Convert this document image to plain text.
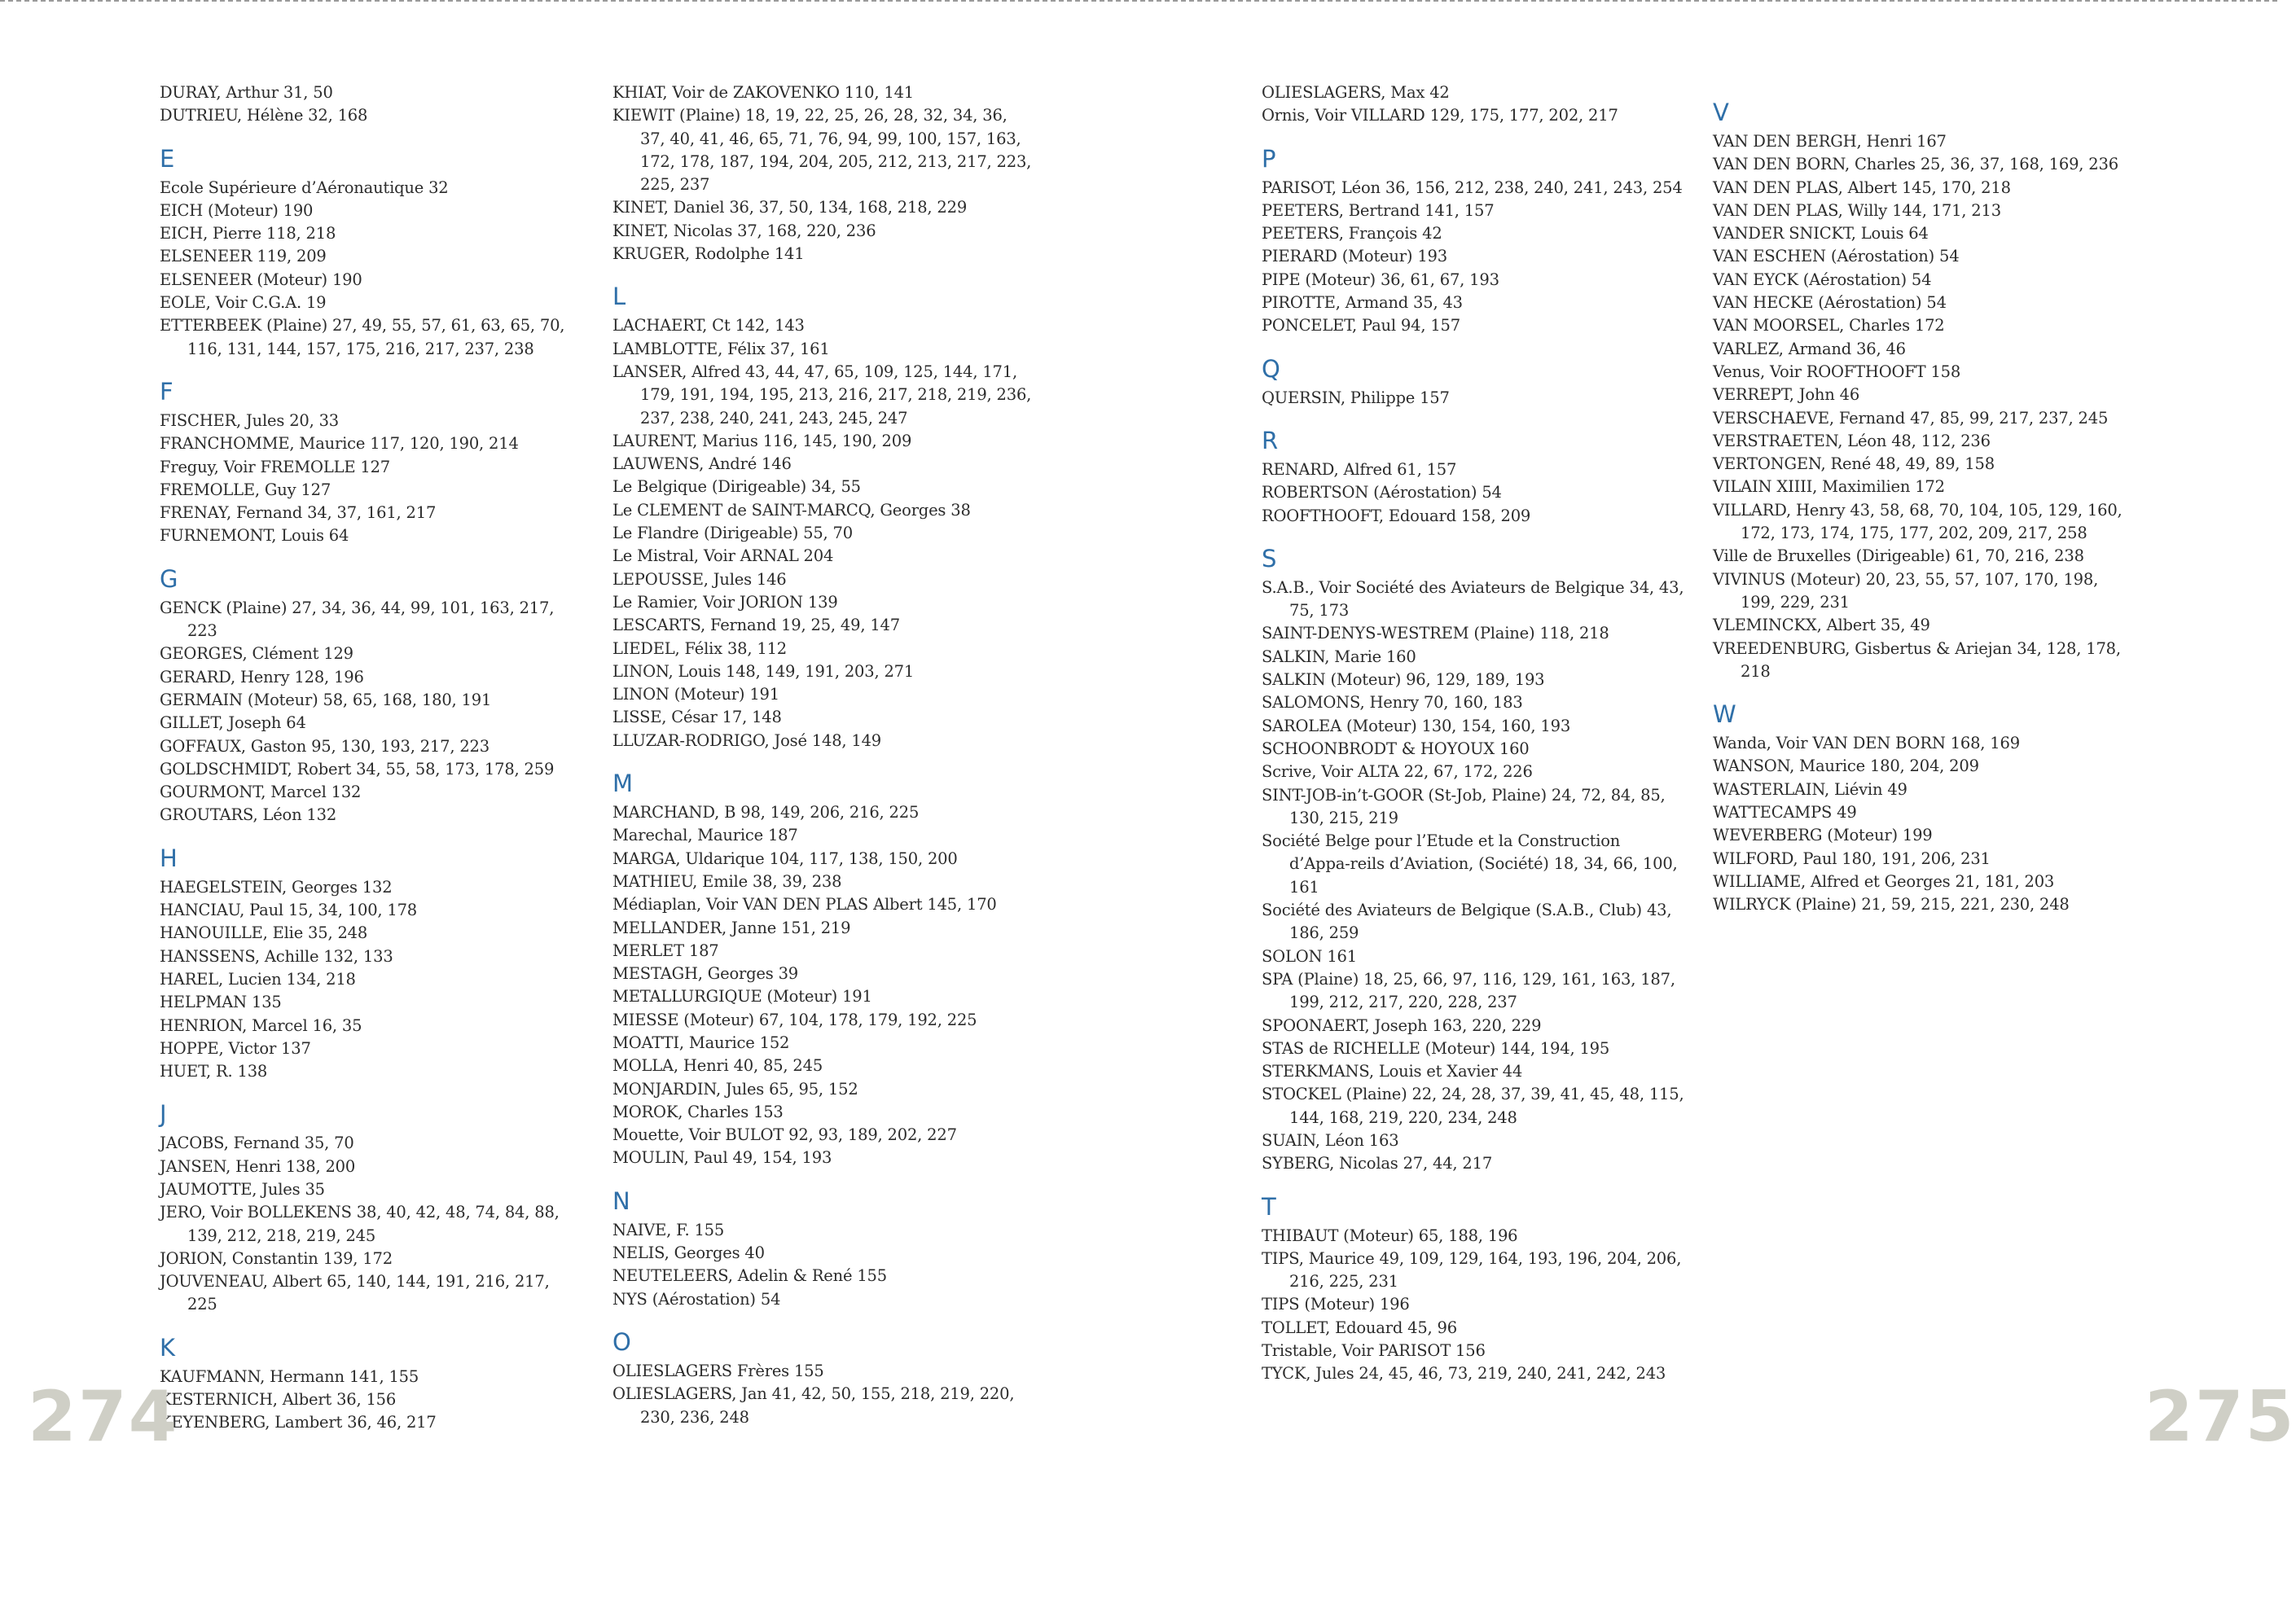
DURAY, Arthur 31, 50
DUTRIEU, Hélène 32, 168
E
Ecole Supérieure d’Aéronautique 32
EICH (Moteur) 190
EICH, Pierre 118, 218
ELSENEER 119, 209
ELSENEER (Moteur) 190
EOLE, Voir C.G.A. 19
ETTERBEEK (Plaine) 27, 49, 55, 57, 61, 63, 65, 70, 116, 131, 144, 157, 175, 216, 217, 237, 238
F
FISCHER, Jules 20, 33
FRANCHOMME, Maurice 117, 120, 190, 214
Freguy, Voir FREMOLLE 127
FREMOLLE, Guy 127
FRENAY, Fernand 34, 37, 161, 217
FURNEMONT, Louis 64
G
GENCK (Plaine) 27, 34, 36, 44, 99, 101, 163, 217, 223
GEORGES, Clément 129
GERARD, Henry 128, 196
GERMAIN (Moteur) 58, 65, 168, 180, 191
GILLET, Joseph 64
GOFFAUX, Gaston 95, 130, 193, 217, 223
GOLDSCHMIDT, Robert 34, 55, 58, 173, 178, 259
GOURMONT, Marcel 132
GROUTARS, Léon 132
H
HAEGELSTEIN, Georges 132
HANCIAU, Paul 15, 34, 100, 178
HANOUILLE, Elie 35, 248
HANSSENS, Achille 132, 133
HAREL, Lucien 134, 218
HELPMAN 135
HENRION, Marcel 16, 35
HOPPE, Victor 137
HUET, R. 138
J
JACOBS, Fernand 35, 70
JANSEN, Henri 138, 200
JAUMOTTE, Jules 35
JERO, Voir BOLLEKENS 38, 40, 42, 48, 74, 84, 88, 139, 212, 218, 219, 245
JORION, Constantin 139, 172
JOUVENEAU, Albert 65, 140, 144, 191, 216, 217, 225
K
KAUFMANN, Hermann 141, 155
KESTERNICH, Albert 36, 156
KEYENBERG, Lambert 36, 46, 217
KHIAT, Voir de ZAKOVENKO 110, 141
KIEWIT (Plaine) 18, 19, 22, 25, 26, 28, 32, 34, 36, 37, 40, 41, 46, 65, 71, 76, 94, 99, 100, 157, 163, 172, 178, 187, 194, 204, 205, 212, 213, 217, 223, 225, 237
KINET, Daniel 36, 37, 50, 134, 168, 218, 229
KINET, Nicolas 37, 168, 220, 236
KRUGER, Rodolphe 141
L
LACHAERT, Ct 142, 143
LAMBLOTTE, Félix 37, 161
LANSER, Alfred 43, 44, 47, 65, 109, 125, 144, 171, 179, 191, 194, 195, 213, 216, 217, 218, 219, 236, 237, 238, 240, 241, 243, 245, 247
LAURENT, Marius 116, 145, 190, 209
LAUWENS, André 146
Le Belgique (Dirigeable) 34, 55
Le CLEMENT de SAINT-MARCQ, Georges 38
Le Flandre (Dirigeable) 55, 70
Le Mistral, Voir ARNAL 204
LEPOUSSE, Jules 146
Le Ramier, Voir JORION 139
LESCARTS, Fernand 19, 25, 49, 147
LIEDEL, Félix 38, 112
LINON, Louis 148, 149, 191, 203, 271
LINON (Moteur) 191
LISSE, César 17, 148
LLUZAR-RODRIGO, José 148, 149
M
MARCHAND, B 98, 149, 206, 216, 225
Marechal, Maurice 187
MARGA, Uldarique 104, 117, 138, 150, 200
MATHIEU, Emile 38, 39, 238
Médiaplan, Voir VAN DEN PLAS Albert 145, 170
MELLANDER, Janne 151, 219
MERLET 187
MESTAGH, Georges 39
METALLURGIQUE (Moteur) 191
MIESSE (Moteur) 67, 104, 178, 179, 192, 225
MOATTI, Maurice 152
MOLLA, Henri 40, 85, 245
MONJARDIN, Jules 65, 95, 152
MOROK, Charles 153
Mouette, Voir BULOT 92, 93, 189, 202, 227
MOULIN, Paul 49, 154, 193
N
NAIVE, F. 155
NELIS, Georges 40
NEUTELEERS, Adelin & René 155
NYS (Aérostation) 54
O
OLIESLAGERS Frères 155
OLIESLAGERS, Jan 41, 42, 50, 155, 218, 219, 220, 230, 236, 248
OLIESLAGERS, Max 42
Ornis, Voir VILLARD 129, 175, 177, 202, 217
P
PARISOT, Léon 36, 156, 212, 238, 240, 241, 243, 254
PEETERS, Bertrand 141, 157
PEETERS, François 42
PIERARD (Moteur) 193
PIPE (Moteur) 36, 61, 67, 193
PIROTTE, Armand 35, 43
PONCELET, Paul 94, 157
Q
QUERSIN, Philippe 157
R
RENARD, Alfred 61, 157
ROBERTSON (Aérostation) 54
ROOFTHOOFT, Edouard 158, 209
S
S.A.B., Voir Société des Aviateurs de Belgique 34, 43, 75, 173
SAINT-DENYS-WESTREM (Plaine) 118, 218
SALKIN, Marie 160
SALKIN (Moteur) 96, 129, 189, 193
SALOMONS, Henry 70, 160, 183
SAROLEA (Moteur) 130, 154, 160, 193
SCHOONBRODT & HOYOUX 160
Scrive, Voir ALTA 22, 67, 172, 226
SINT-JOB-in’t-GOOR (St-Job, Plaine) 24, 72, 84, 85, 130, 215, 219
Société Belge pour l’Etude et la Construction d’Appa-reils d’Aviation, (Société) 18, 34, 66, 100, 161
Société des Aviateurs de Belgique (S.A.B., Club) 43, 186, 259
SOLON 161
SPA (Plaine) 18, 25, 66, 97, 116, 129, 161, 163, 187, 199, 212, 217, 220, 228, 237
SPOONAERT, Joseph 163, 220, 229
STAS de RICHELLE (Moteur) 144, 194, 195
STERKMANS, Louis et Xavier 44
STOCKEL (Plaine) 22, 24, 28, 37, 39, 41, 45, 48, 115, 144, 168, 219, 220, 234, 248
SUAIN, Léon 163
SYBERG, Nicolas 27, 44, 217
T
THIBAUT (Moteur) 65, 188, 196
TIPS, Maurice 49, 109, 129, 164, 193, 196, 204, 206, 216, 225, 231
TIPS (Moteur) 196
TOLLET, Edouard 45, 96
Tristable, Voir PARISOT 156
TYCK, Jules 24, 45, 46, 73, 219, 240, 241, 242, 243
V
VAN DEN BERGH, Henri 167
VAN DEN BORN, Charles 25, 36, 37, 168, 169, 236
VAN DEN PLAS, Albert 145, 170, 218
VAN DEN PLAS, Willy 144, 171, 213
VANDER SNICKT, Louis 64
VAN ESCHEN (Aérostation) 54
VAN EYCK (Aérostation) 54
VAN HECKE (Aérostation) 54
VAN MOORSEL, Charles 172
VARLEZ, Armand 36, 46
Venus, Voir ROOFTHOOFT 158
VERREPT, John 46
VERSCHAEVE, Fernand 47, 85, 99, 217, 237, 245
VERSTRAETEN, Léon 48, 112, 236
VERTONGEN, René 48, 49, 89, 158
VILAIN XIIII, Maximilien 172
VILLARD, Henry 43, 58, 68, 70, 104, 105, 129, 160, 172, 173, 174, 175, 177, 202, 209, 217, 258
Ville de Bruxelles (Dirigeable) 61, 70, 216, 238
VIVINUS (Moteur) 20, 23, 55, 57, 107, 170, 198, 199, 229, 231
VLEMINCKX, Albert 35, 49
VREEDENBURG, Gisbertus & Ariejan 34, 128, 178, 218
W
Wanda, Voir VAN DEN BORN 168, 169
WANSON, Maurice 180, 204, 209
WASTERLAIN, Liévin 49
WATTECAMPS 49
WEVERBERG (Moteur) 199
WILFORD, Paul 180, 191, 206, 231
WILLIAME, Alfred et Georges 21, 181, 203
WILRYCK (Plaine) 21, 59, 215, 221, 230, 248
274	275
